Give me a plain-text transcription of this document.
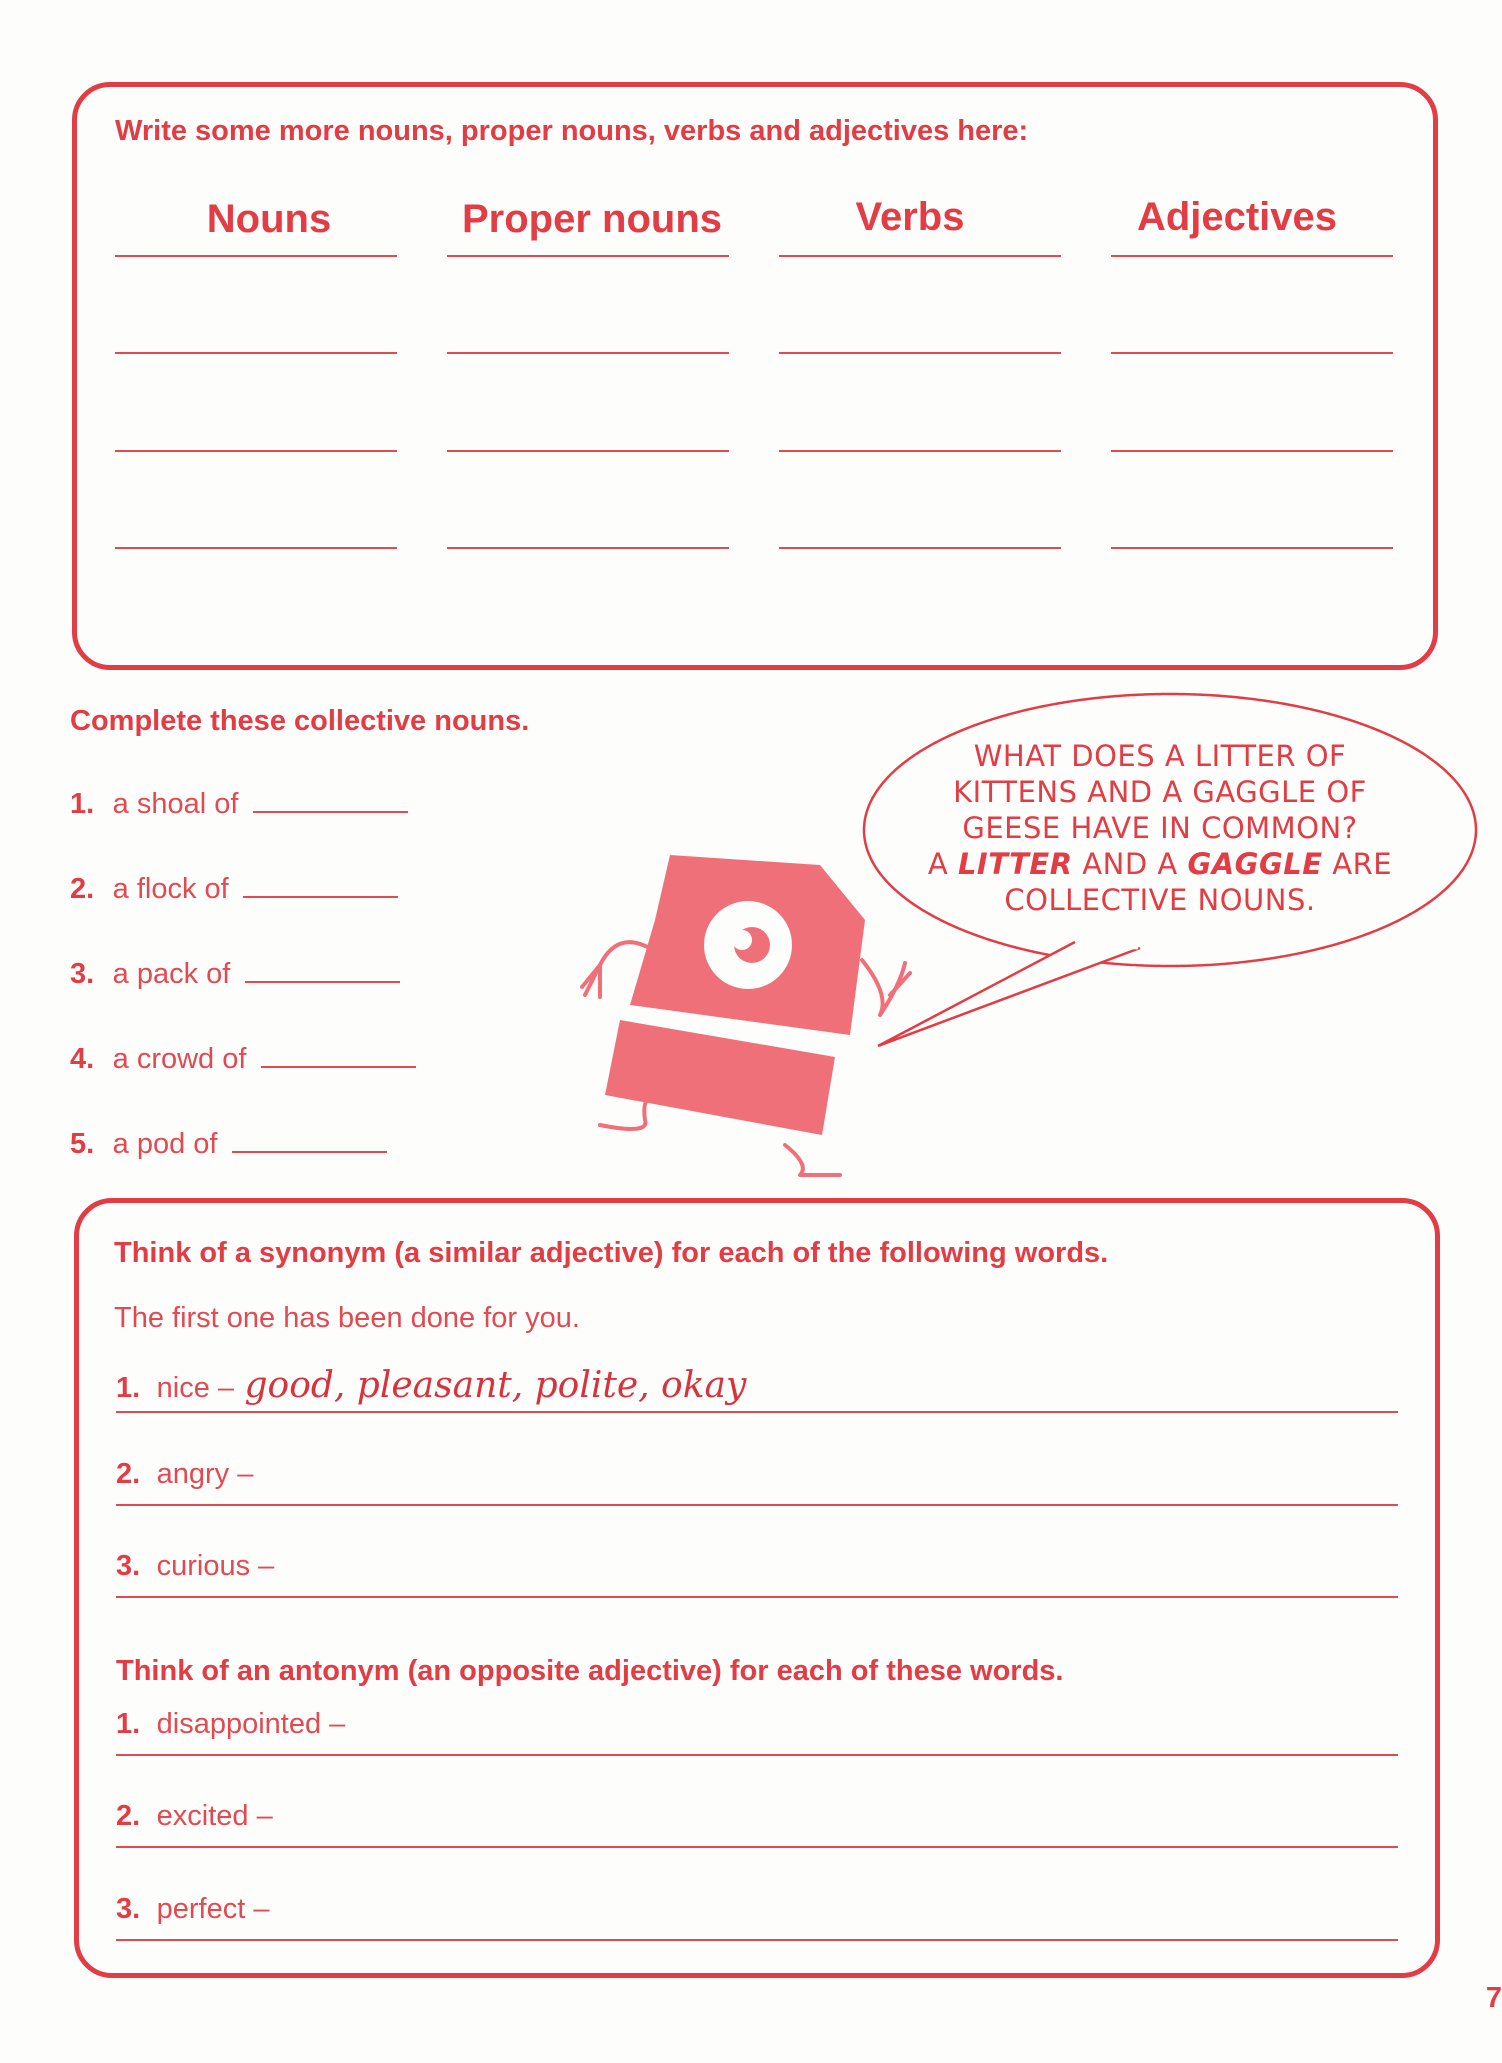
Write some more nouns, proper nouns, verbs and adjectives here:
Nouns	Proper nouns	Verbs	Adjectives
Complete these collective nouns.
1. a shoal of
2. a flock of
3. a pack of
4. a crowd of
5. a pod of
WHAT DOES A LITTER OF
KITTENS AND A GAGGLE OF
GEESE HAVE IN COMMON?
A LITTER AND A GAGGLE ARE
COLLECTIVE NOUNS.
Think of a synonym (a similar adjective) for each of the following words.
The first one has been done for you.
1. nice – good, pleasant, polite, okay
2. angry –
3. curious –
Think of an antonym (an opposite adjective) for each of these words.
1. disappointed –
2. excited –
3. perfect –
7
